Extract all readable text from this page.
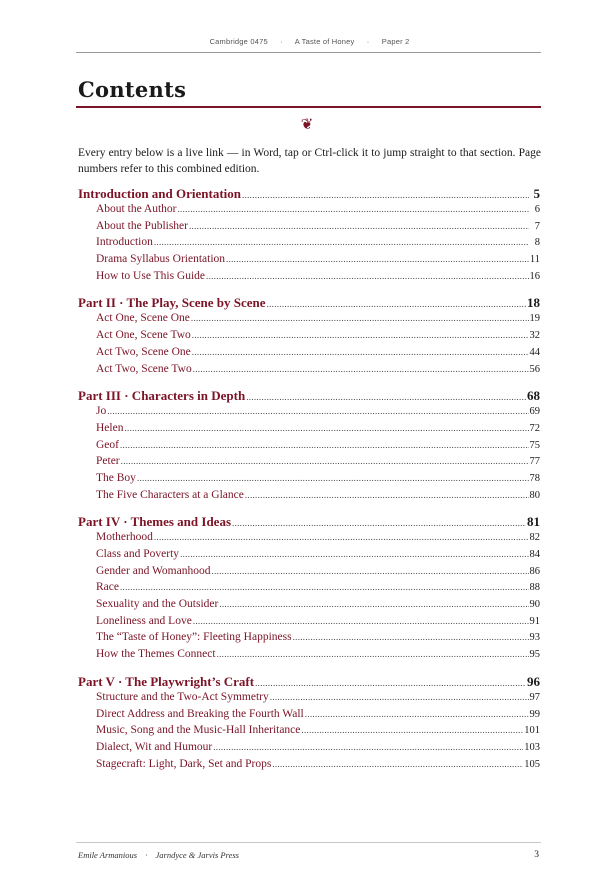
Cambridge 0475 · A Taste of Honey · Paper 2
Contents
❦

Every entry below is a live link — in Word, tap or Ctrl-click it to jump straight to that section. Page numbers refer to this combined edition.

Introduction and Orientation .....	5
About the Author .....	6
About the Publisher .....	7
Introduction .....	8
Drama Syllabus Orientation .....	11
How to Use This Guide .....	16
Part II · The Play, Scene by Scene .....	18
Act One, Scene One .....	19
Act One, Scene Two .....	32
Act Two, Scene One .....	44
Act Two, Scene Two .....	56
Part III · Characters in Depth .....	68
Jo .....	69
Helen .....	72
Geof .....	75
Peter .....	77
The Boy .....	78
The Five Characters at a Glance .....	80
Part IV · Themes and Ideas .....	81
Motherhood .....	82
Class and Poverty .....	84
Gender and Womanhood .....	86
Race .....	88
Sexuality and the Outsider .....	90
Loneliness and Love .....	91
The “Taste of Honey”: Fleeting Happiness .....	93
How the Themes Connect .....	95
Part V · The Playwright’s Craft .....	96
Structure and the Two-Act Symmetry .....	97
Direct Address and Breaking the Fourth Wall .....	99
Music, Song and the Music-Hall Inheritance .....	101
Dialect, Wit and Humour .....	103
Stagecraft: Light, Dark, Set and Props .....	105
Emile Armanious · Jarndyce & Jarvis Press	3
